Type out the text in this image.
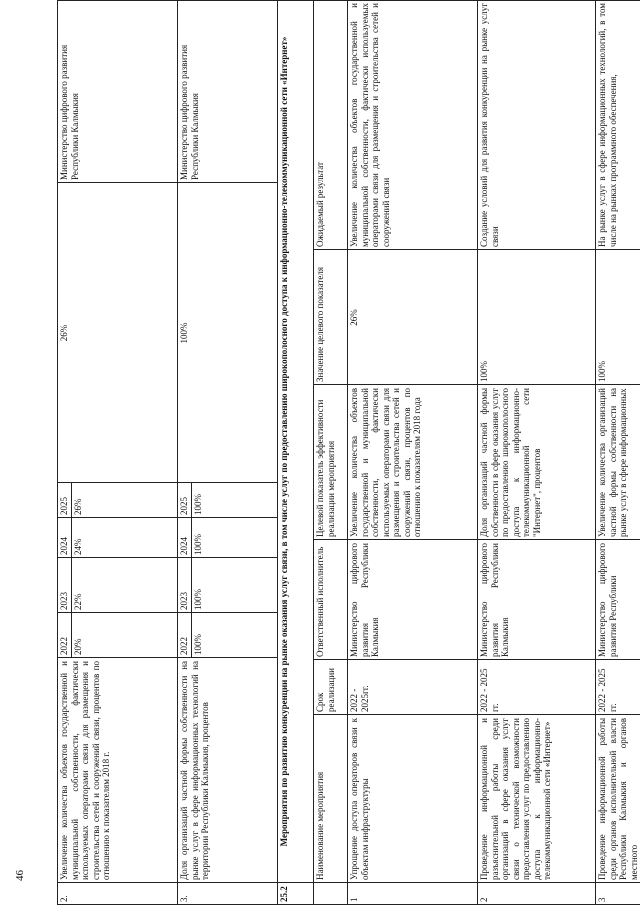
46
2.
Увеличение количества объектов государственной и муниципальной собственности, фактически используемых операторами связи для размещения и строительства сетей и сооружений связи, процентов по отношению к показателям 2018 г.
2022
2023
2024
2025
20%
22%
24%
26%
26%
Министерство цифрового развития Республики Калмыкия
3.
Доля организаций частной формы собственности на рынке услуг в сфере информационных технологий на территории Республики Калмыкия, процентов
2022
2023
2024
2025
100%
100%
100%
100%
100%
Министерство цифрового развития Республики Калмыкия
25.2
Мероприятия по развитию конкуренции на рынке оказания услуг связи, в том числе услуг по предоставлению широкополосного доступа к информационно-телекоммуникационной сети «Интернет»	Наименование мероприятия
Срок реализации
Ответственный исполнитель
Целевой показатель эффективности реализации мероприятия
Значение целевого показателя
Ожидаемый результат
1
Упрощение доступа операторов связи к объектам инфраструктуры
2022 - 2025гг.
Министерство цифрового развития Республики Калмыкия
Увеличение количества объектов государственной и муниципальной собственности, фактически используемых операторами связи для размещения и строительства сетей и сооружений связи, процентов по отношению к показателям 2018 года
26%
Увеличение количества объектов государственной и муниципальной собственности, фактически используемых операторами связи для размещения и строительства сетей и сооружений связи
2
Проведение информационной и разъяснительной работы среди организаций в сфере оказания услуг связи о технической возможности предоставления услуг по предоставлению доступа к информационно-телекоммуникационной сети «Интернет»
2022 - 2025 гг.
Министерство цифрового развития Республики Калмыкия
Доля организаций частной формы собственности в сфере оказания услуг по предоставлению широкополосного доступа к информационно-телекоммуникационной сети "Интернет", процентов
100%
Создание условий для развития конкуренции на рынке услуг связи
3
Проведение информационной работы среди органов исполнительной власти Республики Калмыкия и органов местного
2022 - 2025 гг.
Министерство цифрового развития Республики
Увеличение количества организаций частной формы собственности на рынке услуг в сфере информационных
100%
На рынке услуг в сфере информационных технологий, в том числе на рынках программного обеспечения,
